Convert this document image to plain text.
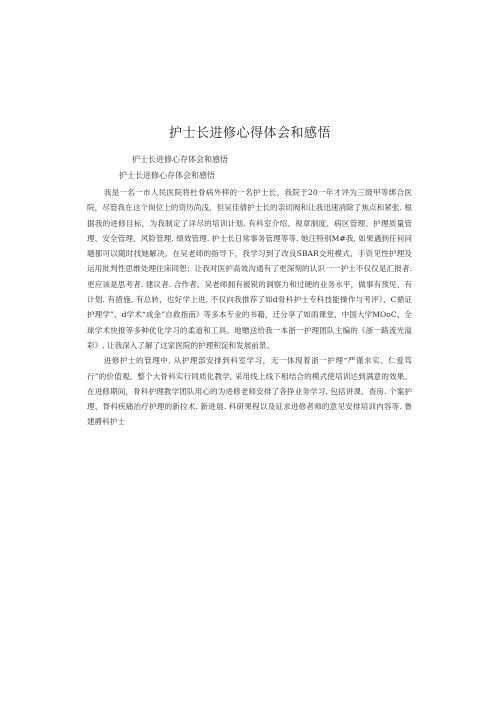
护士长进修心得体会和感悟
护士长进修心存体会和感悟
护士长进修心存体会和感悟

我是一名一市人民医院将杜骨病外移的一名护士长，我院于20一年才评为三级甲等绑合医院，尽管我在这个岗位上的资历尚浅，但吴佳倩护士长的亲切阀和让我迅速消除了焦点和紧张. 根据我的进修目标，为我制定了详尽的培训计划, 有科室介绍、视章制度、病区管理、护理质量管理、安全管理、风险管理. 绩效管理. 护士长日常事务管理等等. 她汪特别M#我, 如果遇到任何问题都可以随时找她解决。在吴老师的指导下，我学习到了改良SBAR交班模式、手资见性护理及运用批判性思维处理住床同恕；让我对医护高效沟通有了更深刻的认识一一护士不仅仅是汇报者. 更应该是思考者. 建议者. 合作者。吴老师拥有被锐的洞察力和过硬的业务水平，做事有预见、有计划. 有措施, 有总转，也好学上进, 不仅向我推荐了如d骨科护士专科技能操作与考评》、C循证护理学”、d学术“成金”自救指南》等多本专业的书籍，迁分享了如雨课堂、中国大学MOoC、全球学术快报等多种优化学习的柔道和工具。地赠送给我一本浙一护理团队主编的《浙一路流光溢彩》, 让我深入了解了这家医院的护理积淀和发展前景。

进修护士的管理中, 从护理部安排到科室学习，无一体现着浙一护理“严谨求实、仁爱笃行”的价值观。整个大骨科实行同质化教学, 采用线上线下相结合的模式使培训达到满意的效果。在进修期间，骨科护理教学团队用心的为进修老师安排了各挣业务学习, 包括讲课、查房. 个案护理、脊科疾痛治疗护理的新拉术. 新进展. 科研果程以及征求进修者师的意见安排培训内容等. 鲁建爵科护士
